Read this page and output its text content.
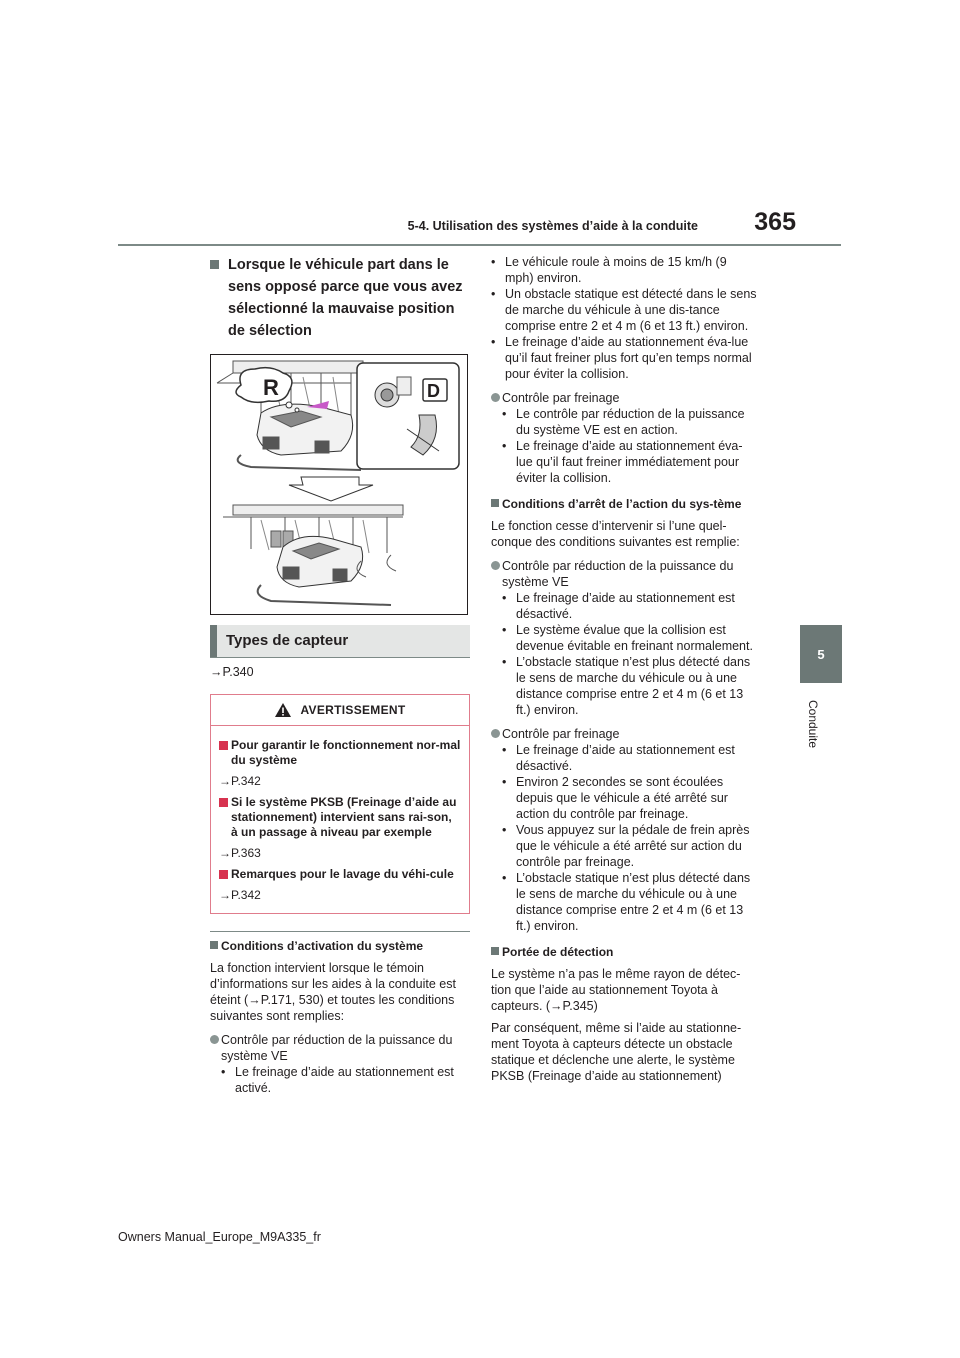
5-4. Utilisation des systèmes d’aide à la conduite	365
5
Conduite
Lorsque le véhicule part dans le sens opposé parce que vous avez sélectionné la mauvaise position de sélection
R	D
Types de capteur
→P.340
AVERTISSEMENT
Pour garantir le fonctionnement nor-mal du système
→P.342
Si le système PKSB (Freinage d’aide au stationnement) intervient sans rai-son, à un passage à niveau par exemple
→P.363
Remarques pour le lavage du véhi-cule
→P.342
Conditions d’activation du système

La fonction intervient lorsque le témoin d’informations sur les aides à la conduite est éteint (→P.171, 530) et toutes les conditions suivantes sont remplies:

Contrôle par réduction de la puissance du système VE
• Le freinage d’aide au stationnement est activé.
• Le véhicule roule à moins de 15 km/h (9 mph) environ.
• Un obstacle statique est détecté dans le sens de marche du véhicule à une dis-tance comprise entre 2 et 4 m (6 et 13 ft.) environ.
• Le freinage d’aide au stationnement éva-lue qu’il faut freiner plus fort qu’en temps normal pour éviter la collision.
Contrôle par freinage
• Le contrôle par réduction de la puissance du système VE est en action.
• Le freinage d’aide au stationnement éva-lue qu’il faut freiner immédiatement pour éviter la collision.
Conditions d’arrêt de l’action du sys-tème

Le fonction cesse d’intervenir si l’une quel-conque des conditions suivantes est remplie:

Contrôle par réduction de la puissance du système VE
• Le freinage d’aide au stationnement est désactivé.
• Le système évalue que la collision est devenue évitable en freinant normalement.
• L’obstacle statique n’est plus détecté dans le sens de marche du véhicule ou à une distance comprise entre 2 et 4 m (6 et 13 ft.) environ.
Contrôle par freinage
• Le freinage d’aide au stationnement est désactivé.
• Environ 2 secondes se sont écoulées depuis que le véhicule a été arrêté sur action du contrôle par freinage.
• Vous appuyez sur la pédale de frein après que le véhicule a été arrêté sur action du contrôle par freinage.
• L’obstacle statique n’est plus détecté dans le sens de marche du véhicule ou à une distance comprise entre 2 et 4 m (6 et 13 ft.) environ.
Portée de détection

Le système n’a pas le même rayon de détec-tion que l’aide au stationnement Toyota à capteurs. (→P.345)

Par conséquent, même si l’aide au stationne-ment Toyota à capteurs détecte un obstacle statique et déclenche une alerte, le système PKSB (Freinage d’aide au stationnement)

Owners Manual_Europe_M9A335_fr
